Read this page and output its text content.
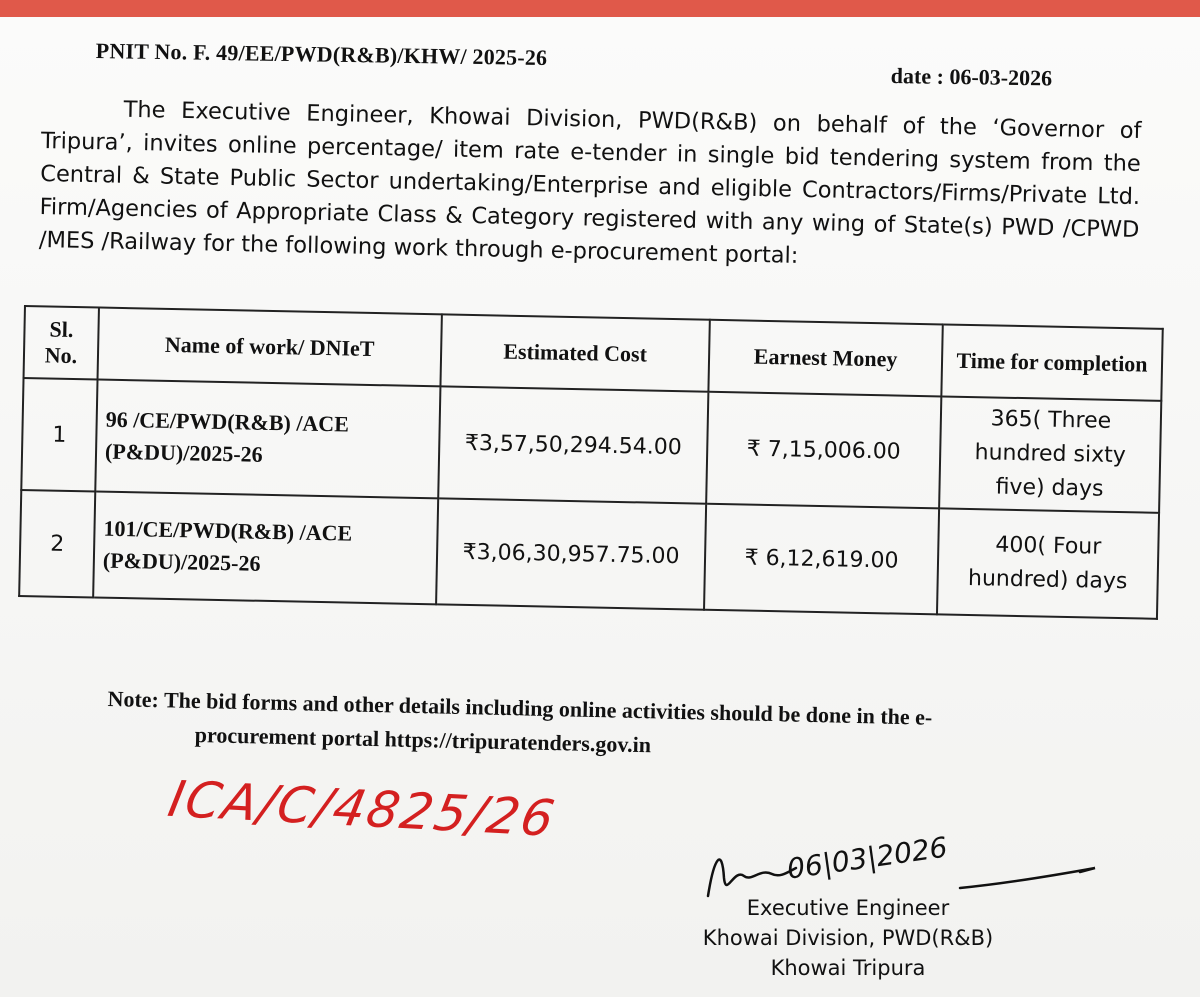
PNIT No. F. 49/EE/PWD(R&B)/KHW/ 2025-26
date : 06-03-2026
The Executive Engineer, Khowai Division, PWD(R&B) on behalf of the ‘Governor of Tripura’, invites online percentage/ item rate e-tender in single bid tendering system from the Central & State Public Sector undertaking/Enterprise and eligible Contractors/Firms/Private Ltd. Firm/Agencies of Appropriate Class & Category registered with any wing of State(s) PWD /CPWD /MES /Railway for the following work through e-procurement portal:
Sl. No.	Name of work/ DNIeT	Estimated Cost	Earnest Money	Time for completion
1	96 /CE/PWD(R&B) /ACE (P&DU)/2025-26	₹3,57,50,294.54.00	₹ 7,15,006.00	365( Three hundred sixty five) days
2	101/CE/PWD(R&B) /ACE (P&DU)/2025-26	₹3,06,30,957.75.00	₹ 6,12,619.00	400( Four hundred) days
Note: The bid forms and other details including online activities should be done in the e-
procurement portal https://tripuratenders.gov.in
ICA/C/4825/26
06|03|2026
Executive Engineer
Khowai Division, PWD(R&B)
Khowai Tripura
